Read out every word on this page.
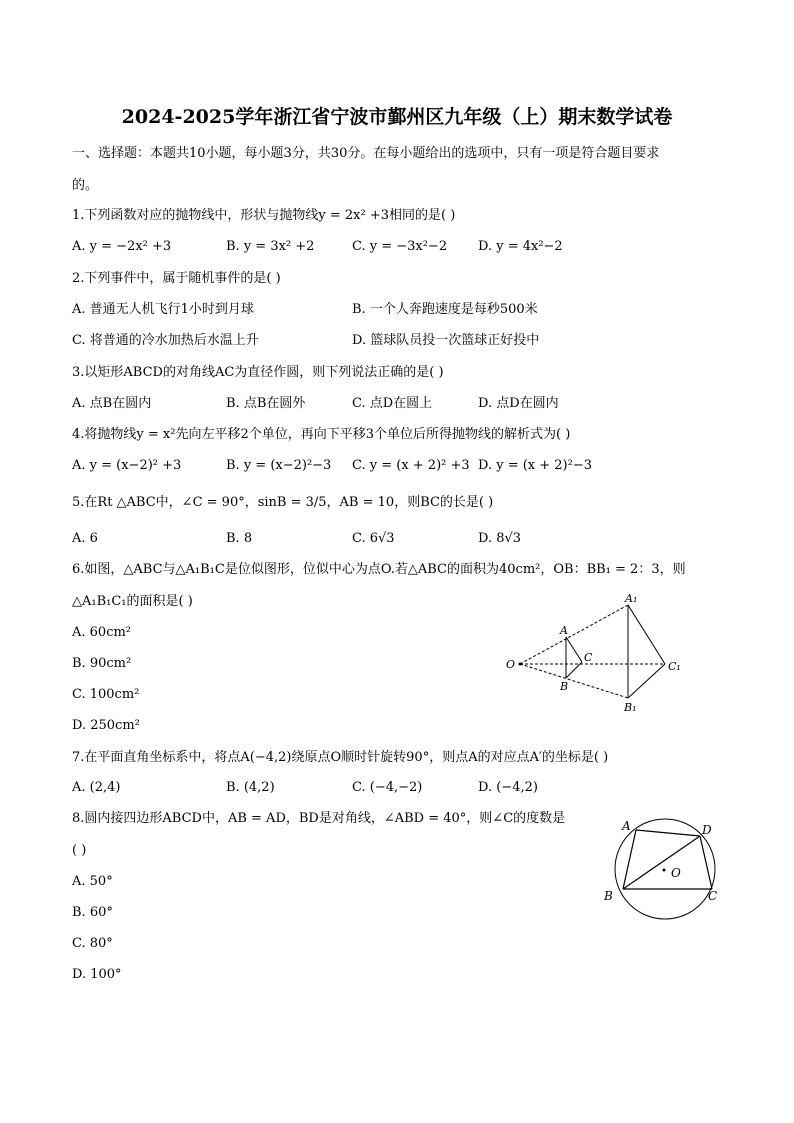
2024-2025学年浙江省宁波市鄞州区九年级（上）期末数学试卷
一、选择题：本题共10小题，每小题3分，共30分。在每小题给出的选项中，只有一项是符合题目要求
的。
1.下列函数对应的抛物线中，形状与抛物线y = 2x² +3相同的是( )
A. y = −2x² +3	B. y = 3x² +2	C. y = −3x²−2 D. y = 4x²−2
2.下列事件中，属于随机事件的是( )
A. 普通无人机飞行1小时到月球	B. 一个人奔跑速度是每秒500米
C. 将普通的冷水加热后水温上升	D. 篮球队员投一次篮球正好投中
3.以矩形ABCD的对角线AC为直径作圆，则下列说法正确的是( )
A. 点B在圆内	B. 点B在圆外	C. 点D在圆上	D. 点D在圆内
4.将抛物线y = x²先向左平移2个单位，再向下平移3个单位后所得抛物线的解析式为( )
A. y = (x−2)² +3	B. y = (x−2)²−3 C. y = (x + 2)² +3 D. y = (x + 2)²−3
5.在Rt △ABC中，∠C = 90°，sinB = 3/5，AB = 10，则BC的长是( )
A. 6	B. 8	C. 6√3	D. 8√3
6.如图，△ABC与△A₁B₁C是位似图形，位似中心为点O.若△ABC的面积为40cm²，OB：BB₁ = 2：3，则
△A₁B₁C₁的面积是( )
A. 60cm²
B. 90cm²
C. 100cm²
D. 250cm²
O
A
B
C
A₁
B₁
C₁
7.在平面直角坐标系中，将点A(−4,2)绕原点O顺时针旋转90°，则点A的对应点A′的坐标是( )
A. (2,4)	B. (4,2)	C. (−4,−2)	D. (−4,2)
8.圆内接四边形ABCD中，AB = AD，BD是对角线，∠ABD = 40°，则∠C的度数是
( )
A. 50°
B. 60°
C. 80°
D. 100°
A	D
B	C
O
